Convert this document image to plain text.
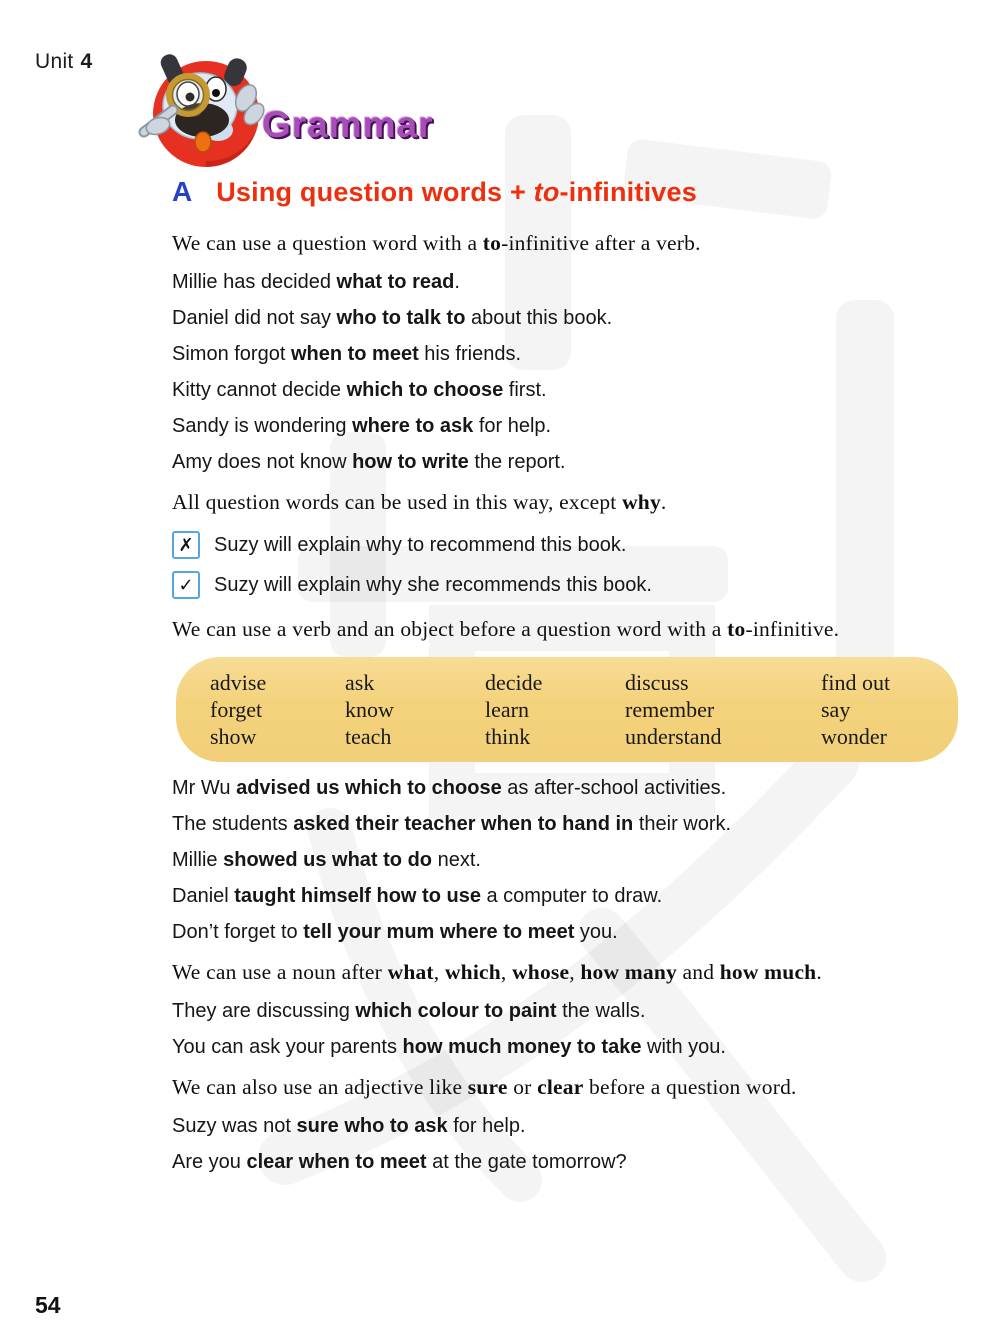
Unit 4
Grammar
A Using question words + to-infinitives
We can use a question word with a to-infinitive after a verb.
Millie has decided what to read.
Daniel did not say who to talk to about this book.
Simon forgot when to meet his friends.
Kitty cannot decide which to choose first.
Sandy is wondering where to ask for help.
Amy does not know how to write the report.
All question words can be used in this way, except why.
✗	Suzy will explain why to recommend this book.
✓	Suzy will explain why she recommends this book.
We can use a verb and an object before a question word with a to-infinitive.
advise
forget
show
ask
know
teach
decide
learn
think
discuss
remember
understand
find out
say
wonder
Mr Wu advised us which to choose as after-school activities.
The students asked their teacher when to hand in their work.
Millie showed us what to do next.
Daniel taught himself how to use a computer to draw.
Don’t forget to tell your mum where to meet you.
We can use a noun after what, which, whose, how many and how much.
They are discussing which colour to paint the walls.
You can ask your parents how much money to take with you.
We can also use an adjective like sure or clear before a question word.
Suzy was not sure who to ask for help.
Are you clear when to meet at the gate tomorrow?
54
